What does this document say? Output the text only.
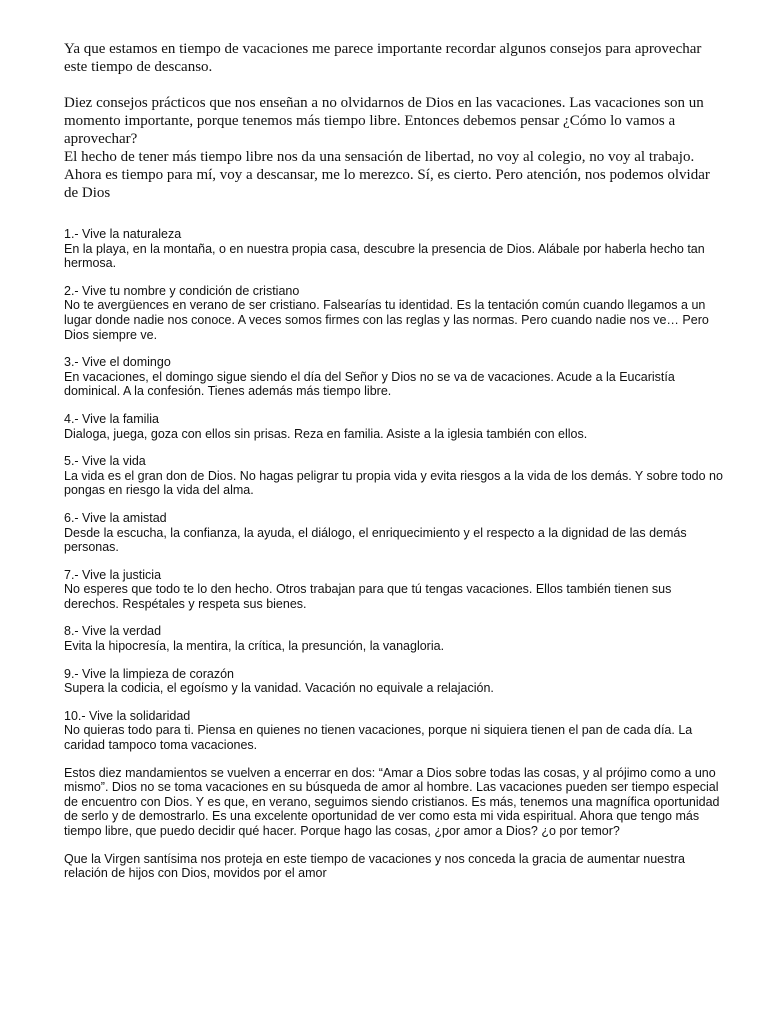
Ya que estamos en tiempo de vacaciones me parece importante recordar algunos consejos para aprovechar este tiempo de descanso.

Diez consejos prácticos que nos enseñan a no olvidarnos de Dios en las vacaciones. Las vacaciones son un momento importante, porque tenemos más tiempo libre. Entonces debemos pensar ¿Cómo lo vamos a aprovechar?

El hecho de tener más tiempo libre nos da una sensación de libertad, no voy al colegio, no voy al trabajo. Ahora es tiempo para mí, voy a descansar, me lo merezco. Sí, es cierto. Pero atención, nos podemos olvidar de Dios

1.- Vive la naturaleza
En la playa, en la montaña, o en nuestra propia casa, descubre la presencia de Dios. Alábale por haberla hecho tan hermosa.
2.- Vive tu nombre y condición de cristiano
No te avergüences en verano de ser cristiano. Falsearías tu identidad. Es la tentación común cuando llegamos a un lugar donde nadie nos conoce. A veces somos firmes con las reglas y las normas. Pero cuando nadie nos ve… Pero Dios siempre ve.
3.- Vive el domingo
En vacaciones, el domingo sigue siendo el día del Señor y Dios no se va de vacaciones. Acude a la Eucaristía dominical. A la confesión. Tienes además más tiempo libre.
4.- Vive la familia
Dialoga, juega, goza con ellos sin prisas. Reza en familia. Asiste a la iglesia también con ellos.
5.- Vive la vida
La vida es el gran don de Dios. No hagas peligrar tu propia vida y evita riesgos a la vida de los demás. Y sobre todo no pongas en riesgo la vida del alma.
6.- Vive la amistad
Desde la escucha, la confianza, la ayuda, el diálogo, el enriquecimiento y el respecto a la dignidad de las demás personas.
7.- Vive la justicia
No esperes que todo te lo den hecho. Otros trabajan para que tú tengas vacaciones. Ellos también tienen sus derechos. Respétales y respeta sus bienes.
8.- Vive la verdad
Evita la hipocresía, la mentira, la crítica, la presunción, la vanagloria.
9.- Vive la limpieza de corazón
Supera la codicia, el egoísmo y la vanidad. Vacación no equivale a relajación.
10.- Vive la solidaridad
No quieras todo para ti. Piensa en quienes no tienen vacaciones, porque ni siquiera tienen el pan de cada día. La caridad tampoco toma vacaciones.

Estos diez mandamientos se vuelven a encerrar en dos: “Amar a Dios sobre todas las cosas, y al prójimo como a uno mismo”. Dios no se toma vacaciones en su búsqueda de amor al hombre. Las vacaciones pueden ser tiempo especial de encuentro con Dios. Y es que, en verano, seguimos siendo cristianos. Es más, tenemos una magnífica oportunidad de serlo y de demostrarlo. Es una excelente oportunidad de ver como esta mi vida espiritual. Ahora que tengo más tiempo libre, que puedo decidir qué hacer. Porque hago las cosas, ¿por amor a Dios? ¿o por temor?

Que la Virgen santísima nos proteja en este tiempo de vacaciones y nos conceda la gracia de aumentar nuestra relación de hijos con Dios, movidos por el amor
